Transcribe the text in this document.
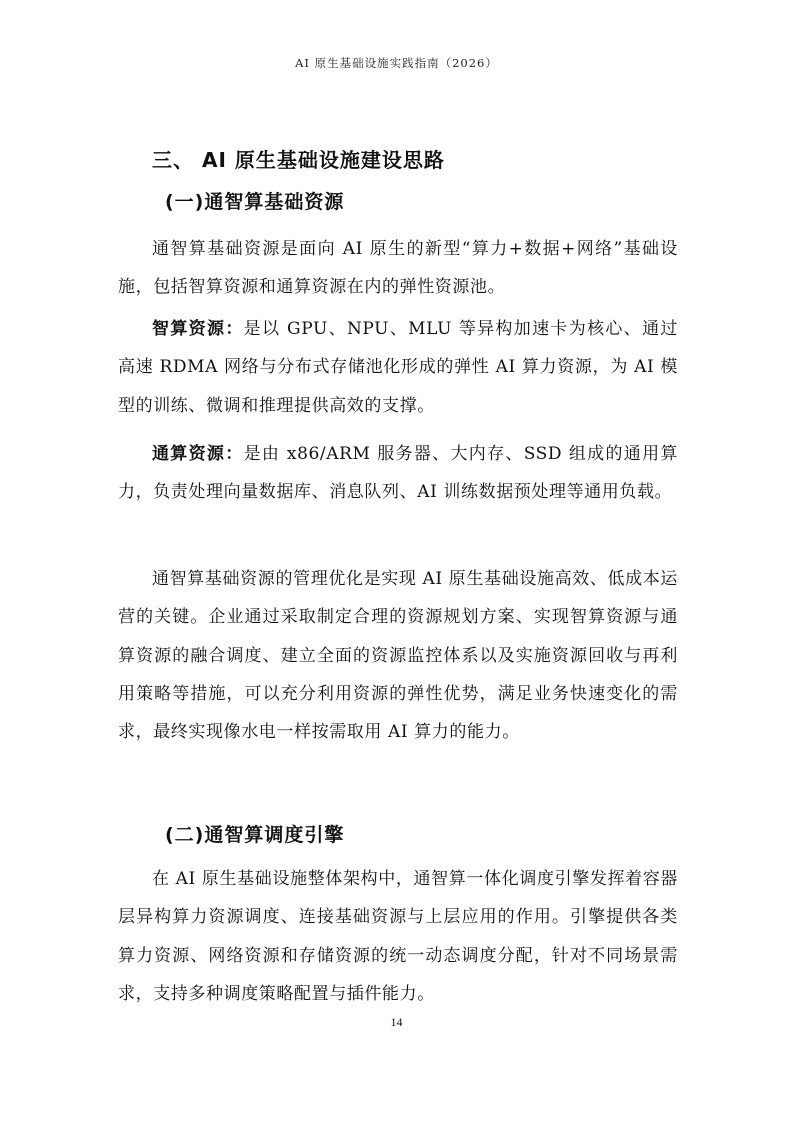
AI 原生基础设施实践指南（2026）
三、 AI 原生基础设施建设思路
(一)通智算基础资源

通智算基础资源是面向 AI 原生的新型“算力+数据+网络”基础设施，包括智算资源和通算资源在内的弹性资源池。

智算资源：是以 GPU、NPU、MLU 等异构加速卡为核心、通过高速 RDMA 网络与分布式存储池化形成的弹性 AI 算力资源，为 AI 模型的训练、微调和推理提供高效的支撑。

通算资源：是由 x86/ARM 服务器、大内存、SSD 组成的通用算力，负责处理向量数据库、消息队列、AI 训练数据预处理等通用负载。

通智算基础资源的管理优化是实现 AI 原生基础设施高效、低成本运营的关键。企业通过采取制定合理的资源规划方案、实现智算资源与通算资源的融合调度、建立全面的资源监控体系以及实施资源回收与再利用策略等措施，可以充分利用资源的弹性优势，满足业务快速变化的需求，最终实现像水电一样按需取用 AI 算力的能力。

(二)通智算调度引擎

在 AI 原生基础设施整体架构中，通智算一体化调度引擎发挥着容器层异构算力资源调度、连接基础资源与上层应用的作用。引擎提供各类算力资源、网络资源和存储资源的统一动态调度分配，针对不同场景需求，支持多种调度策略配置与插件能力。

14
